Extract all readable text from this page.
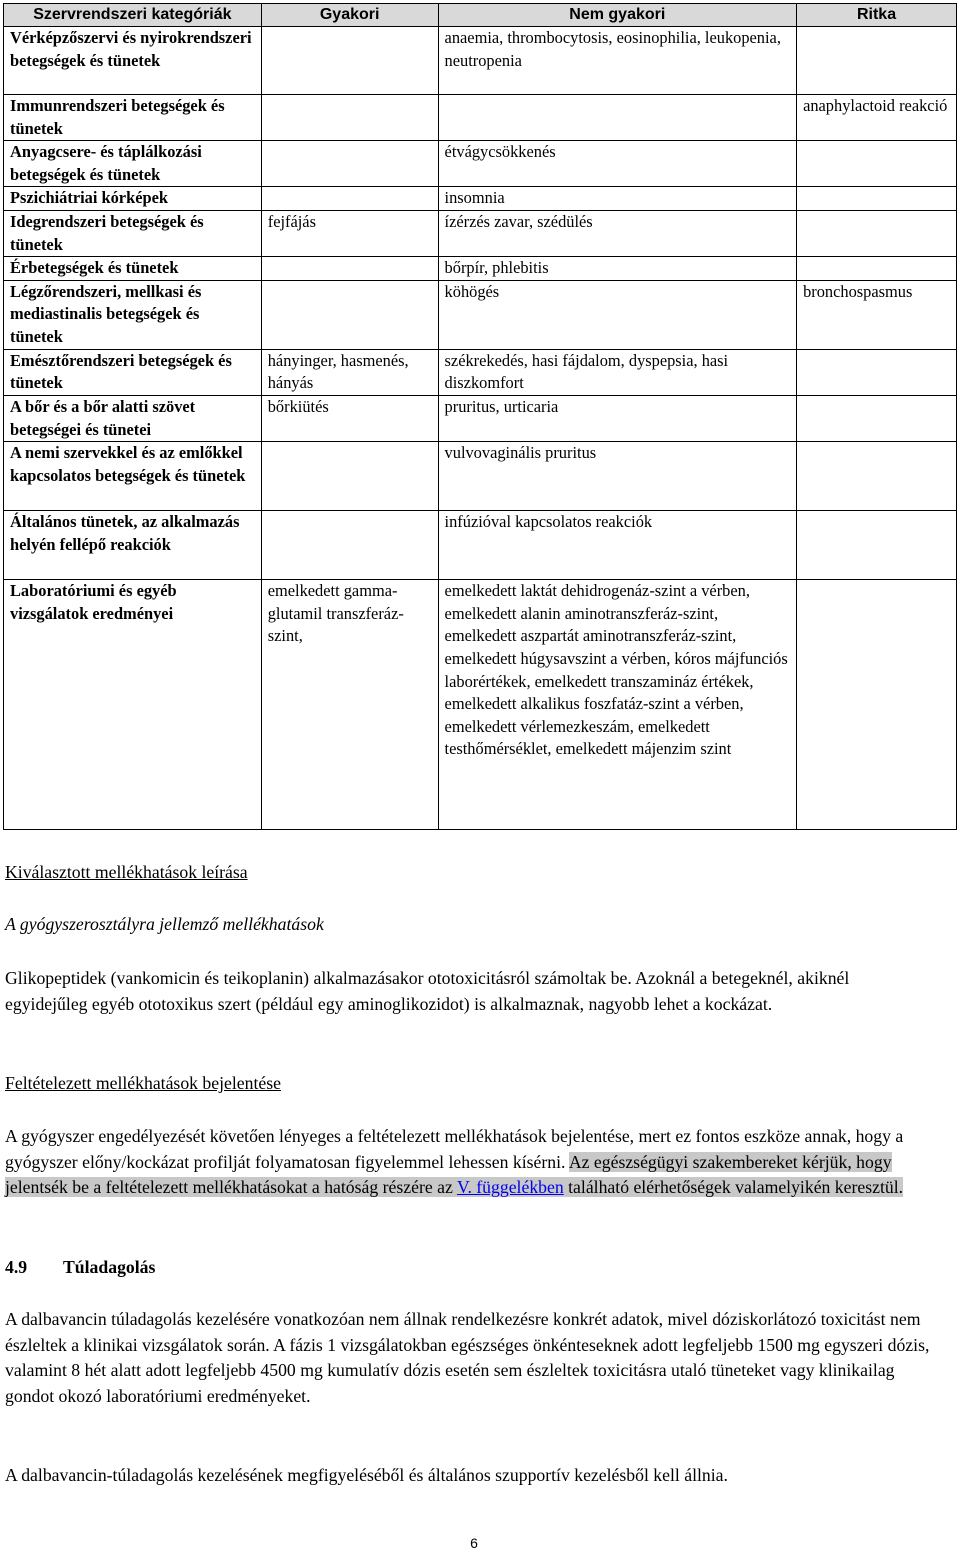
Szervrendszeri kategóriák	Gyakori	Nem gyakori	Ritka
Vérképzőszervi és nyirokrendszeri betegségek és tünetek		anaemia, thrombocytosis, eosinophilia, leukopenia, neutropenia	
Immunrendszeri betegségek és tünetek			anaphylactoid reakció
Anyagcsere- és táplálkozási betegségek és tünetek		étvágycsökkenés	
Pszichiátriai kórképek		insomnia	
Idegrendszeri betegségek és tünetek	fejfájás	ízérzés zavar, szédülés	
Érbetegségek és tünetek		bőrpír, phlebitis	
Légzőrendszeri, mellkasi és mediastinalis betegségek és tünetek		köhögés	bronchospasmus
Emésztőrendszeri betegségek és tünetek	hányinger, hasmenés, hányás	székrekedés, hasi fájdalom, dyspepsia, hasi diszkomfort	
A bőr és a bőr alatti szövet betegségei és tünetei	bőrkiütés	pruritus, urticaria	
A nemi szervekkel és az emlőkkel kapcsolatos betegségek és tünetek		vulvovaginális pruritus	
Általános tünetek, az alkalmazás helyén fellépő reakciók		infúzióval kapcsolatos reakciók	
Laboratóriumi és egyéb vizsgálatok eredményei	emelkedett gamma-glutamil transzferáz-szint,	emelkedett laktát dehidrogenáz-szint a vérben, emelkedett alanin aminotranszferáz-szint, emelkedett aszpartát aminotranszferáz-szint, emelkedett húgysavszint a vérben, kóros májfunciós laborértékek, emelkedett transzamináz értékek, emelkedett alkalikus foszfatáz-szint a vérben, emelkedett vérlemezkeszám, emelkedett testhőmérséklet, emelkedett májenzim szint	
Kiválasztott mellékhatások leírása
A gyógyszerosztályra jellemző mellékhatások
Glikopeptidek (vankomicin és teikoplanin) alkalmazásakor ototoxicitásról számoltak be. Azoknál a betegeknél, akiknél egyidejűleg egyéb ototoxikus szert (például egy aminoglikozidot) is alkalmaznak, nagyobb lehet a kockázat.
Feltételezett mellékhatások bejelentése
A gyógyszer engedélyezését követően lényeges a feltételezett mellékhatások bejelentése, mert ez fontos eszköze annak, hogy a gyógyszer előny/kockázat profilját folyamatosan figyelemmel lehessen kísérni. Az egészségügyi szakembereket kérjük, hogy jelentsék be a feltételezett mellékhatásokat a hatóság részére az V. függelékben található elérhetőségek valamelyikén keresztül.
4.9 Túladagolás
A dalbavancin túladagolás kezelésére vonatkozóan nem állnak rendelkezésre konkrét adatok, mivel dóziskorlátozó toxicitást nem észleltek a klinikai vizsgálatok során. A fázis 1 vizsgálatokban egészséges önkénteseknek adott legfeljebb 1500 mg egyszeri dózis, valamint 8 hét alatt adott legfeljebb 4500 mg kumulatív dózis esetén sem észleltek toxicitásra utaló tüneteket vagy klinikailag gondot okozó laboratóriumi eredményeket.
A dalbavancin-túladagolás kezelésének megfigyeléséből és általános szupportív kezelésből kell állnia.
6
